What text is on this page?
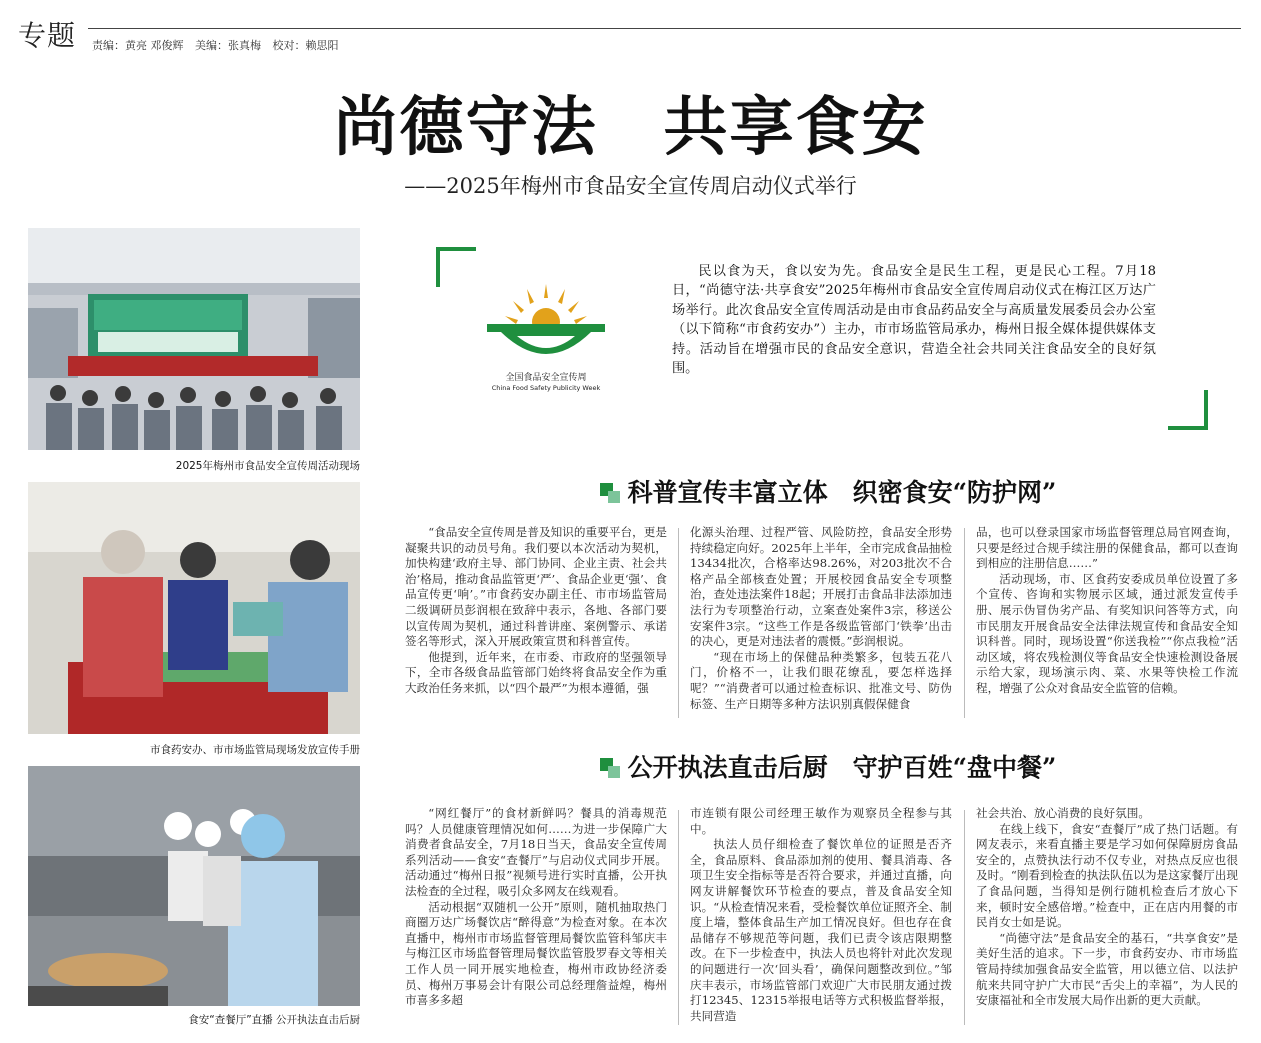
专题 责编：黄亮 邓俊辉 美编：张真梅 校对：赖思阳
尚德守法　共享食安
——2025年梅州市食品安全宣传周启动仪式举行
2025年梅州市食品安全宣传周活动现场
市食药安办、市市场监管局现场发放宣传手册
食安“查餐厅”直播 公开执法直击后厨
全国食品安全宣传周
China Food Safety Publicity Week
民以食为天，食以安为先。食品安全是民生工程，更是民心工程。7月18日，“尚德守法·共享食安”2025年梅州市食品安全宣传周启动仪式在梅江区万达广场举行。此次食品安全宣传周活动是由市食品药品安全与高质量发展委员会办公室（以下简称“市食药安办”）主办，市市场监管局承办，梅州日报全媒体提供媒体支持。活动旨在增强市民的食品安全意识，营造全社会共同关注食品安全的良好氛围。
科普宣传丰富立体　织密食安“防护网”

“食品安全宣传周是普及知识的重要平台，更是凝聚共识的动员号角。我们要以本次活动为契机，加快构建‘政府主导、部门协同、企业主责、社会共治’格局，推动食品监管更‘严’、食品企业更‘强’、食品宣传更‘响’。”市食药安办副主任、市市场监管局二级调研员彭润根在致辞中表示，各地、各部门要以宣传周为契机，通过科普讲座、案例警示、承诺签名等形式，深入开展政策宣贯和科普宣传。

他提到，近年来，在市委、市政府的坚强领导下，全市各级食品监管部门始终将食品安全作为重大政治任务来抓，以“四个最严”为根本遵循，强

化源头治理、过程严管、风险防控，食品安全形势持续稳定向好。2025年上半年，全市完成食品抽检13434批次，合格率达98.26%，对203批次不合格产品全部核查处置；开展校园食品安全专项整治，查处违法案件18起；开展打击食品非法添加违法行为专项整治行动，立案查处案件3宗，移送公安案件3宗。“这些工作是各级监管部门‘铁拳’出击的决心，更是对违法者的震慑。”彭润根说。

“现在市场上的保健品种类繁多，包装五花八门，价格不一，让我们眼花缭乱，要怎样选择呢？”“消费者可以通过检查标识、批准文号、防伪标签、生产日期等多种方法识别真假保健食

品，也可以登录国家市场监督管理总局官网查询，只要是经过合规手续注册的保健食品，都可以查询到相应的注册信息……”

活动现场，市、区食药安委成员单位设置了多个宣传、咨询和实物展示区域，通过派发宣传手册、展示伪冒伪劣产品、有奖知识问答等方式，向市民朋友开展食品安全法律法规宣传和食品安全知识科普。同时，现场设置“你送我检”“你点我检”活动区域，将农残检测仪等食品安全快速检测设备展示给大家，现场演示肉、菜、水果等快检工作流程，增强了公众对食品安全监管的信赖。

公开执法直击后厨　守护百姓“盘中餐”

“网红餐厅”的食材新鲜吗？餐具的消毒规范吗？人员健康管理情况如何……为进一步保障广大消费者食品安全，7月18日当天，食品安全宣传周系列活动——食安“查餐厅”与启动仪式同步开展。活动通过“梅州日报”视频号进行实时直播，公开执法检查的全过程，吸引众多网友在线观看。

活动根据“双随机一公开”原则，随机抽取热门商圈万达广场餐饮店“醉得意”为检查对象。在本次直播中，梅州市市场监督管理局餐饮监管科邹庆丰与梅江区市场监督管理局餐饮监管股罗春文等相关工作人员一同开展实地检查，梅州市政协经济委员、梅州万事易会计有限公司总经理詹益煌，梅州市喜多多超

市连锁有限公司经理王敏作为观察员全程参与其中。

执法人员仔细检查了餐饮单位的证照是否齐全，食品原料、食品添加剂的使用、餐具消毒、各项卫生安全指标等是否符合要求，并通过直播，向网友讲解餐饮环节检查的要点，普及食品安全知识。“从检查情况来看，受检餐饮单位证照齐全、制度上墙，整体食品生产加工情况良好。但也存在食品储存不够规范等问题，我们已责令该店限期整改。在下一步检查中，执法人员也将针对此次发现的问题进行一次‘回头看’，确保问题整改到位。”邹庆丰表示，市场监管部门欢迎广大市民朋友通过拨打12345、12315举报电话等方式积极监督举报，共同营造

社会共治、放心消费的良好氛围。

在线上线下，食安“查餐厅”成了热门话题。有网友表示，来看直播主要是学习如何保障厨房食品安全的，点赞执法行动不仅专业，对热点反应也很及时。“刚看到检查的执法队伍以为是这家餐厅出现了食品问题，当得知是例行随机检查后才放心下来，顿时安全感倍增。”检查中，正在店内用餐的市民肖女士如是说。

“尚德守法”是食品安全的基石，“共享食安”是美好生活的追求。下一步，市食药安办、市市场监管局持续加强食品安全监管，用以德立信、以法护航来共同守护广大市民“舌尖上的幸福”，为人民的安康福祉和全市发展大局作出新的更大贡献。
